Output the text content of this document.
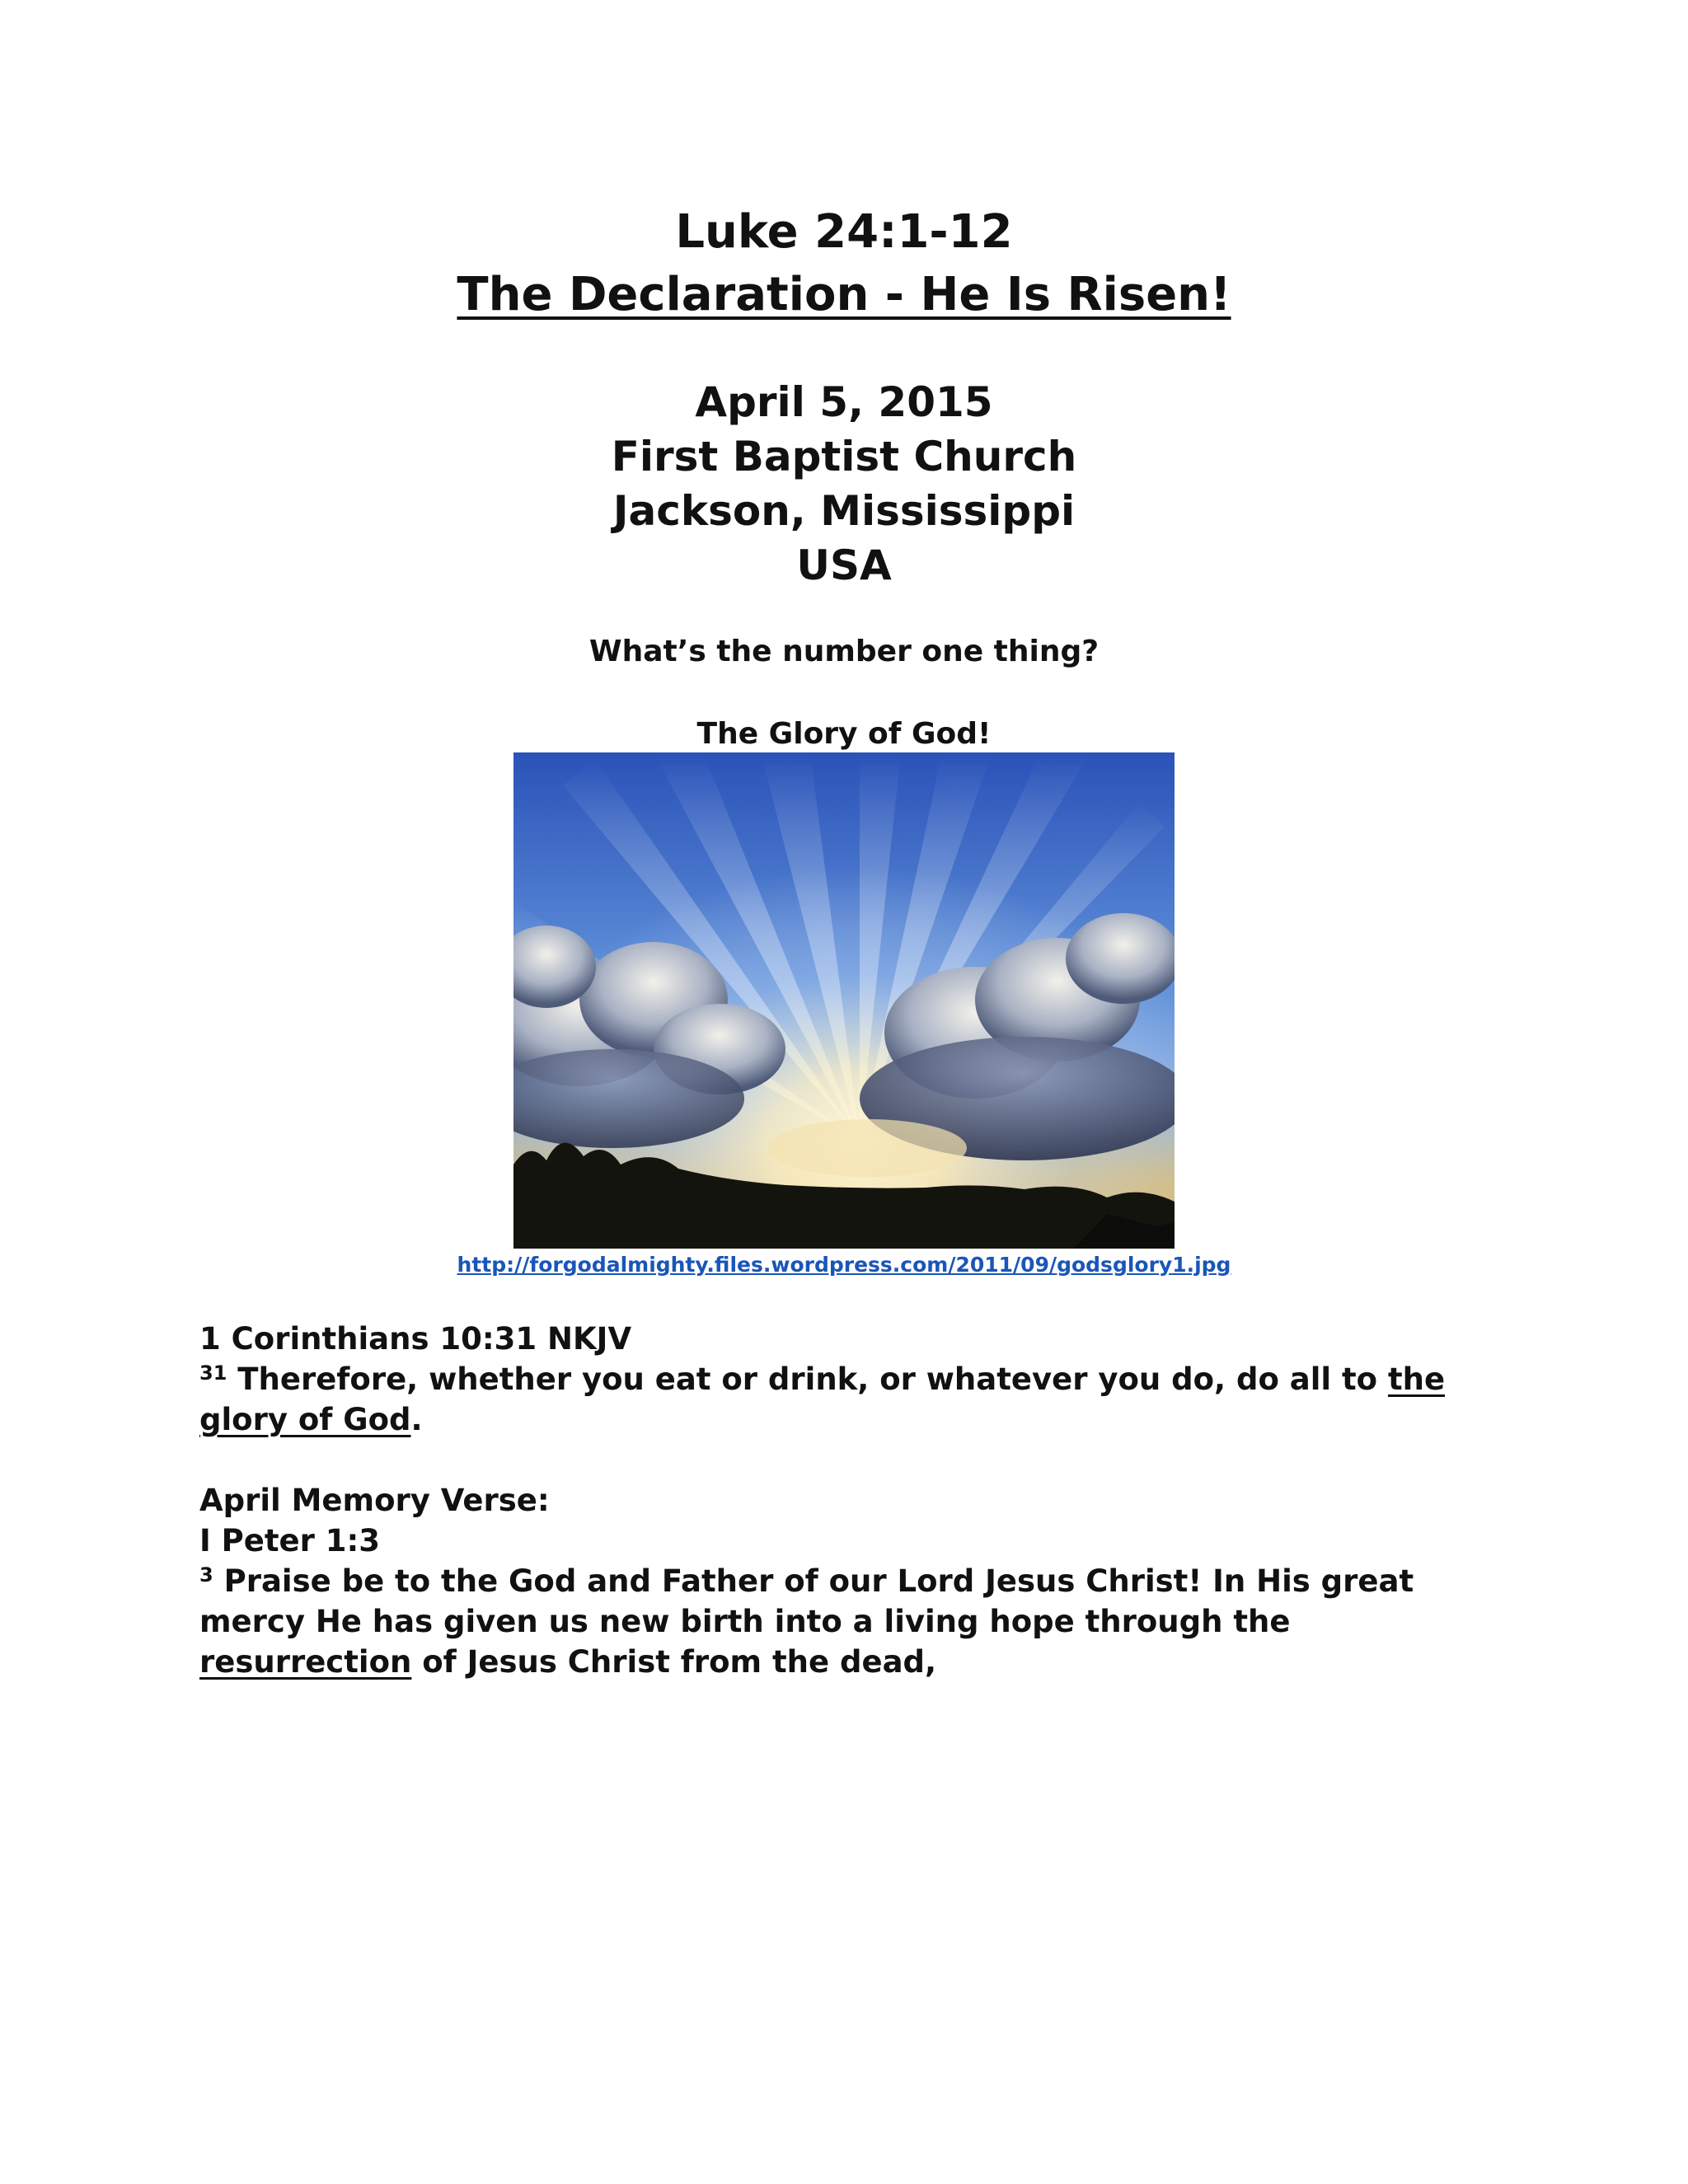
Luke 24:1-12
The Declaration - He Is Risen!
April 5, 2015
First Baptist Church
Jackson, Mississippi
USA
What’s the number one thing?
The Glory of God!
http://forgodalmighty.files.wordpress.com/2011/09/godsglory1.jpg
1 Corinthians 10:31 NKJV
$^{31}$ Therefore, whether you eat or drink, or whatever you do, do all to the glory of God.
April Memory Verse:
I Peter 1:3
$^3$ Praise be to the God and Father of our Lord Jesus Christ! In His great mercy He has given us new birth into a living hope through the resurrection of Jesus Christ from the dead,
